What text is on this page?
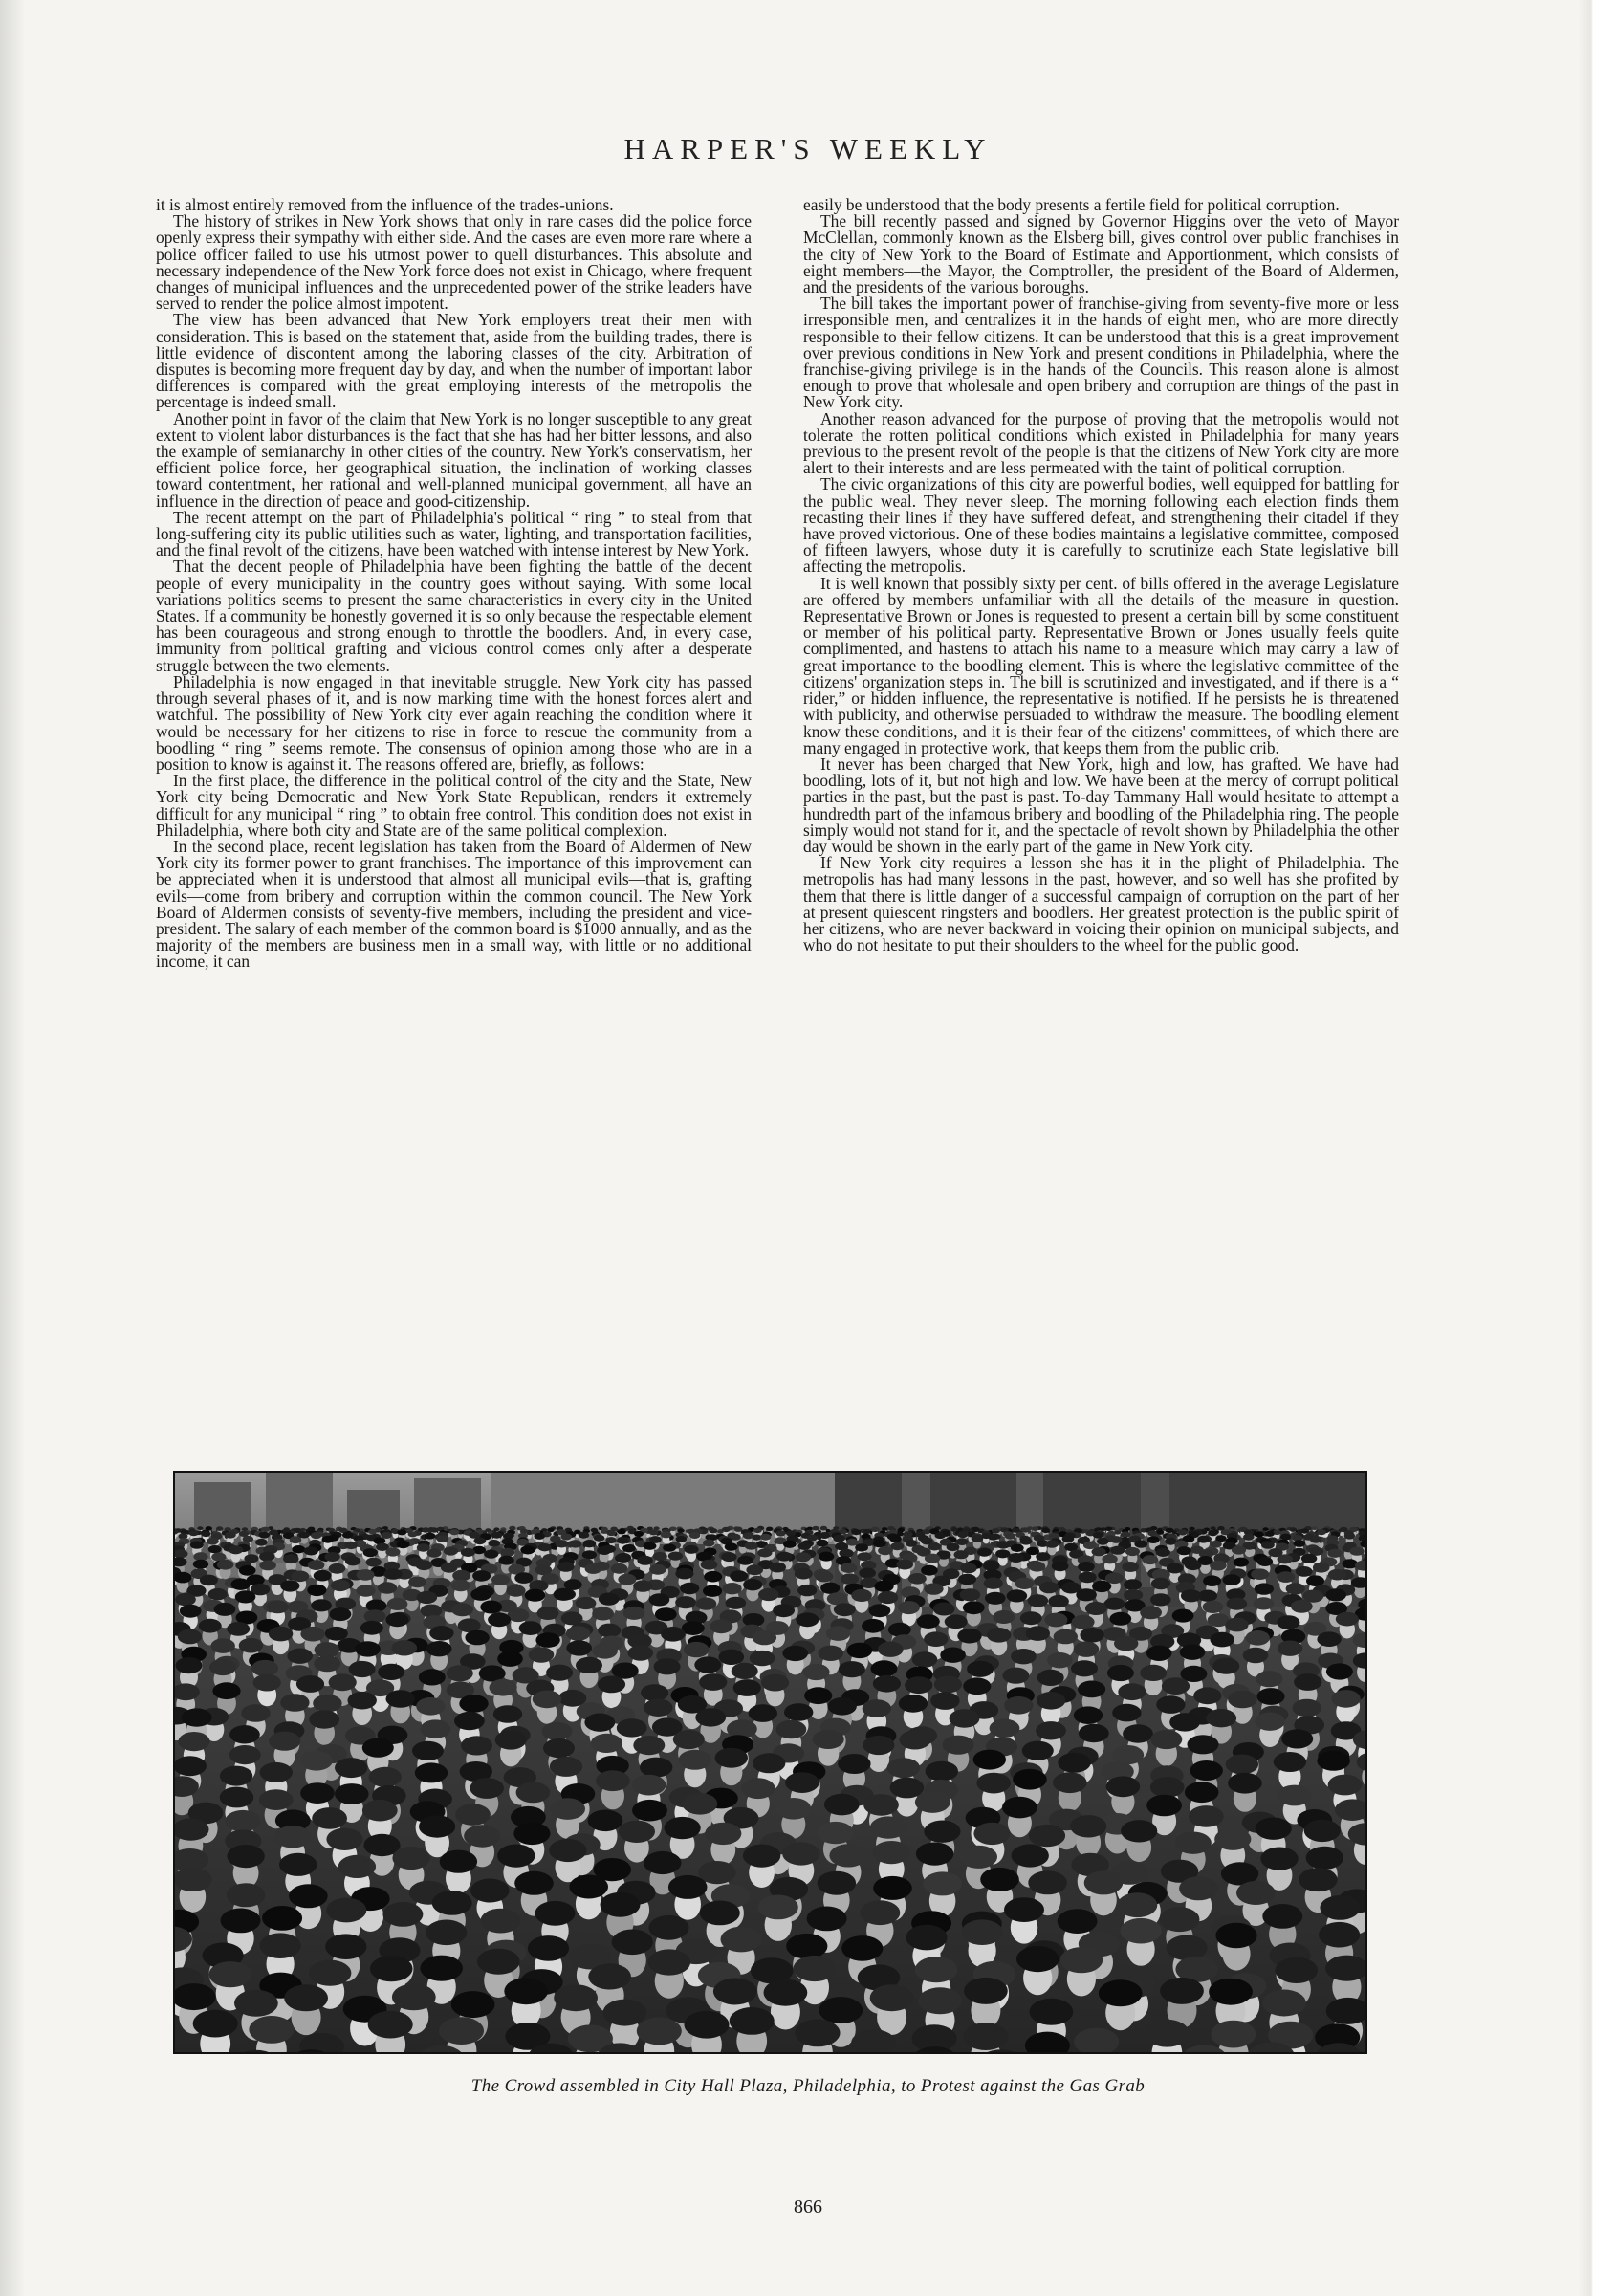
HARPER'S WEEKLY

it is almost entirely removed from the influence of the trades-unions.

The history of strikes in New York shows that only in rare cases did the police force openly express their sympathy with either side. And the cases are even more rare where a police officer failed to use his utmost power to quell disturbances. This absolute and necessary independence of the New York force does not exist in Chicago, where frequent changes of municipal influences and the unprecedented power of the strike leaders have served to render the police almost impotent.

The view has been advanced that New York employers treat their men with consideration. This is based on the statement that, aside from the building trades, there is little evidence of discontent among the laboring classes of the city. Arbitration of disputes is becoming more frequent day by day, and when the number of important labor differences is compared with the great employing interests of the metropolis the percentage is indeed small.

Another point in favor of the claim that New York is no longer susceptible to any great extent to violent labor disturbances is the fact that she has had her bitter lessons, and also the example of semianarchy in other cities of the country. New York's conservatism, her efficient police force, her geographical situation, the inclination of working classes toward contentment, her rational and well-planned municipal government, all have an influence in the direction of peace and good-citizenship.

The recent attempt on the part of Philadelphia's political “ ring ” to steal from that long-suffering city its public utilities such as water, lighting, and transportation facilities, and the final revolt of the citizens, have been watched with intense interest by New York.

That the decent people of Philadelphia have been fighting the battle of the decent people of every municipality in the country goes without saying. With some local variations politics seems to present the same characteristics in every city in the United States. If a community be honestly governed it is so only because the respectable element has been courageous and strong enough to throttle the boodlers. And, in every case, immunity from political grafting and vicious control comes only after a desperate struggle between the two elements.

Philadelphia is now engaged in that inevitable struggle. New York city has passed through several phases of it, and is now marking time with the honest forces alert and watchful. The possibility of New York city ever again reaching the condition where it would be necessary for her citizens to rise in force to rescue the community from a boodling “ ring ” seems remote. The consensus of opinion among those who are in a position to know is against it. The reasons offered are, briefly, as follows:

In the first place, the difference in the political control of the city and the State, New York city being Democratic and New York State Republican, renders it extremely difficult for any municipal “ ring ” to obtain free control. This condition does not exist in Philadelphia, where both city and State are of the same political complexion.

In the second place, recent legislation has taken from the Board of Aldermen of New York city its former power to grant franchises. The importance of this improvement can be appreciated when it is understood that almost all municipal evils—that is, grafting evils—come from bribery and corruption within the common council. The New York Board of Aldermen consists of seventy-five members, including the president and vice-president. The salary of each member of the common board is $1000 annually, and as the majority of the members are business men in a small way, with little or no additional income, it can

easily be understood that the body presents a fertile field for political corruption.

The bill recently passed and signed by Governor Higgins over the veto of Mayor McClellan, commonly known as the Elsberg bill, gives control over public franchises in the city of New York to the Board of Estimate and Apportionment, which consists of eight members—the Mayor, the Comptroller, the president of the Board of Aldermen, and the presidents of the various boroughs.

The bill takes the important power of franchise-giving from seventy-five more or less irresponsible men, and centralizes it in the hands of eight men, who are more directly responsible to their fellow citizens. It can be understood that this is a great improvement over previous conditions in New York and present conditions in Philadelphia, where the franchise-giving privilege is in the hands of the Councils. This reason alone is almost enough to prove that wholesale and open bribery and corruption are things of the past in New York city.

Another reason advanced for the purpose of proving that the metropolis would not tolerate the rotten political conditions which existed in Philadelphia for many years previous to the present revolt of the people is that the citizens of New York city are more alert to their interests and are less permeated with the taint of political corruption.

The civic organizations of this city are powerful bodies, well equipped for battling for the public weal. They never sleep. The morning following each election finds them recasting their lines if they have suffered defeat, and strengthening their citadel if they have proved victorious. One of these bodies maintains a legislative committee, composed of fifteen lawyers, whose duty it is carefully to scrutinize each State legislative bill affecting the metropolis.

It is well known that possibly sixty per cent. of bills offered in the average Legislature are offered by members unfamiliar with all the details of the measure in question. Representative Brown or Jones is requested to present a certain bill by some constituent or member of his political party. Representative Brown or Jones usually feels quite complimented, and hastens to attach his name to a measure which may carry a law of great importance to the boodling element. This is where the legislative committee of the citizens' organization steps in. The bill is scrutinized and investigated, and if there is a “ rider,” or hidden influence, the representative is notified. If he persists he is threatened with publicity, and otherwise persuaded to withdraw the measure. The boodling element know these conditions, and it is their fear of the citizens' committees, of which there are many engaged in protective work, that keeps them from the public crib.

It never has been charged that New York, high and low, has grafted. We have had boodling, lots of it, but not high and low. We have been at the mercy of corrupt political parties in the past, but the past is past. To-day Tammany Hall would hesitate to attempt a hundredth part of the infamous bribery and boodling of the Philadelphia ring. The people simply would not stand for it, and the spectacle of revolt shown by Philadelphia the other day would be shown in the early part of the game in New York city.

If New York city requires a lesson she has it in the plight of Philadelphia. The metropolis has had many lessons in the past, however, and so well has she profited by them that there is little danger of a successful campaign of corruption on the part of her at present quiescent ringsters and boodlers. Her greatest protection is the public spirit of her citizens, who are never backward in voicing their opinion on municipal subjects, and who do not hesitate to put their shoulders to the wheel for the public good.

The Crowd assembled in City Hall Plaza, Philadelphia, to Protest against the Gas Grab
866
